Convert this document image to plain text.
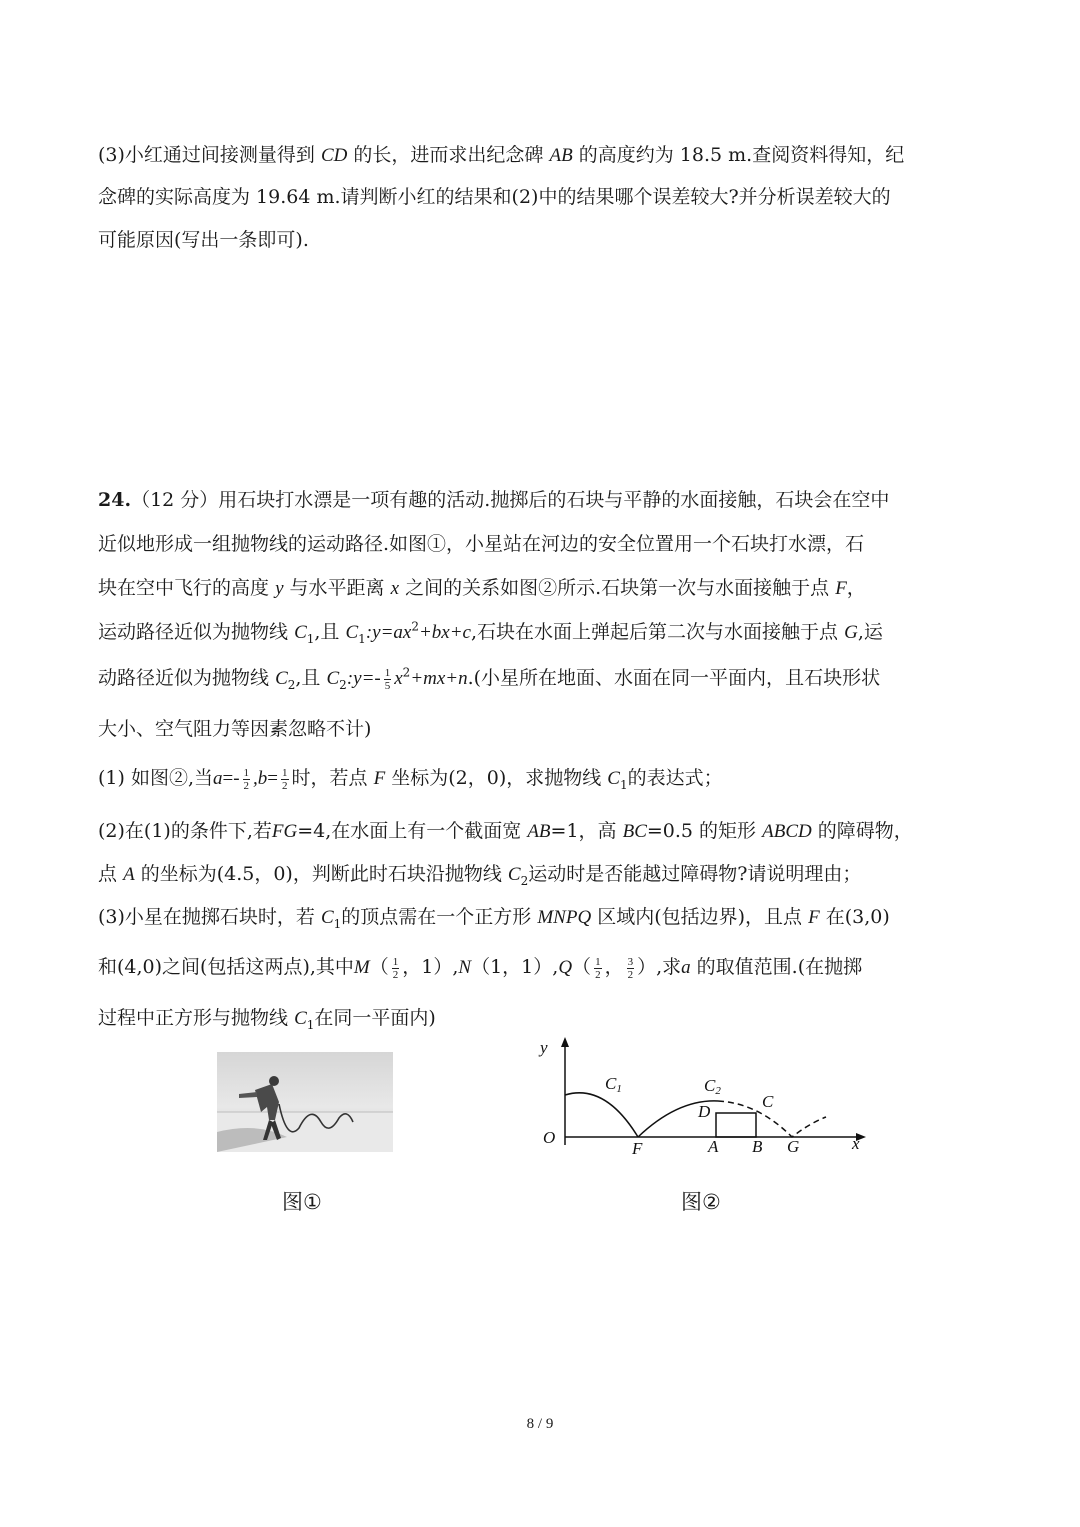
(3)小红通过间接测量得到 CD 的长，进而求出纪念碑 AB 的高度约为 18.5 m.查阅资料得知，纪
念碑的实际高度为 19.64 m.请判断小红的结果和(2)中的结果哪个误差较大?并分析误差较大的
可能原因(写出一条即可).
24.（12 分）用石块打水漂是一项有趣的活动.抛掷后的石块与平静的水面接触，石块会在空中
近似地形成一组抛物线的运动路径.如图①，小星站在河边的安全位置用一个石块打水漂，石
块在空中飞行的高度 y 与水平距离 x 之间的关系如图②所示.石块第一次与水面接触于点 F，
运动路径近似为抛物线 $C_1$,且 $C_1:y=ax^2+bx+c$,石块在水面上弹起后第二次与水面接触于点 G,运
动路径近似为抛物线 $C_2$,且 $C_2:y=- \frac{1}{5} x^2+mx+n$.(小星所在地面、水面在同一平面内，且石块形状
大小、空气阻力等因素忽略不计)
(1) 如图②,当$a=- \frac{1}{2} ,b= \frac{1}{2}$ 时，若点 F 坐标为(2，0)，求抛物线 $C_1$的表达式；
(2)在(1)的条件下,若FG=4,在水面上有一个截面宽 AB=1，高 BC=0.5 的矩形 ABCD 的障碍物，
点 A 的坐标为(4.5，0)，判断此时石块沿抛物线 $C_2$运动时是否能越过障碍物?请说明理由；
(3)小星在抛掷石块时，若 $C_1$的顶点需在一个正方形 MNPQ 区域内(包括边界)，且点 F 在(3,0)
和(4,0)之间(包括这两点),其中$M( \frac{1}{2}$ ，1）,N（1，$1),Q( \frac{1}{2}$ ， $\frac{3}{2}$ ）,求a 的取值范围.(在抛掷
过程中正方形与抛物线 $C_1$在同一平面内)
y
x
O
F	A B G
C
D
C1	C2
图①	图②
8 / 9
